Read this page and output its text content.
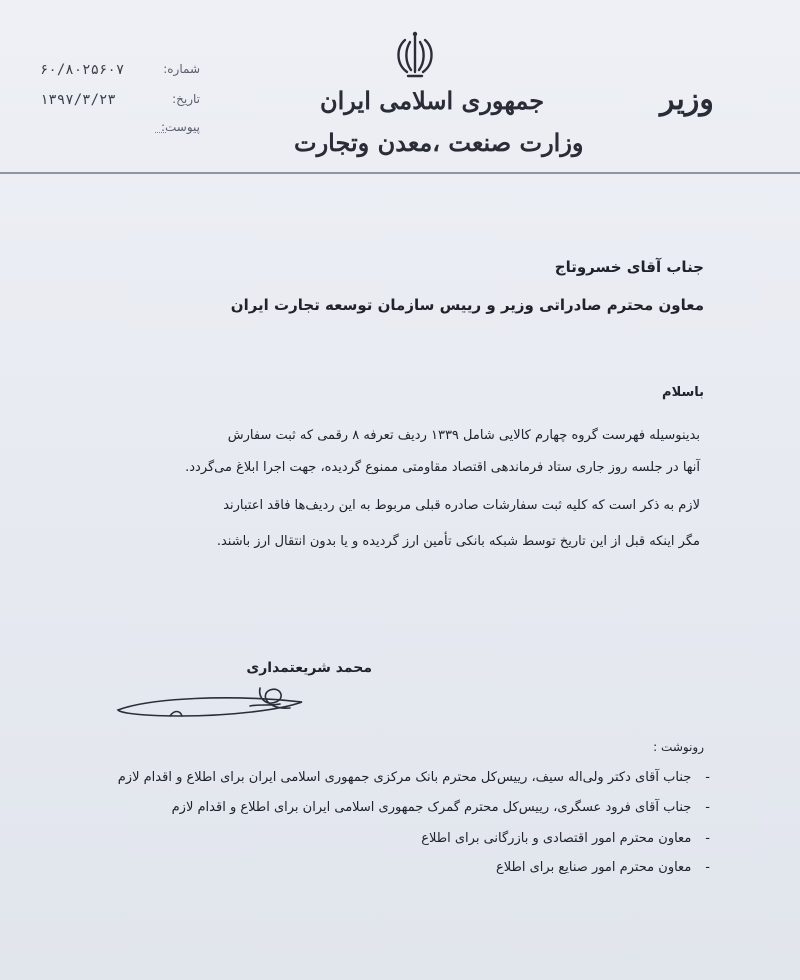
وزیر
جمهوری اسلامی ایران
وزارت صنعت ،معدن وتجارت
شماره:
۶۰/۸۰۲۵۶۰۷
تاریخ:
۱۳۹۷/۳/۲۳
پیوست:
جناب آقای خسروتاج
معاون محترم صادراتی وزیر و رییس سازمان توسعه تجارت ایران
باسلام
بدینوسیله فهرست گروه چهارم کالایی شامل ۱۳۳۹ ردیف تعرفه ۸ رقمی که ثبت سفارش
آنها در جلسه روز جاری ستاد فرماندهی اقتصاد مقاومتی ممنوع گردیده، جهت اجرا ابلاغ می‌گردد.
لازم به ذکر است که کلیه ثبت سفارشات صادره قبلی مربوط به این ردیف‌ها فاقد اعتبارند
مگر اینکه قبل از این تاریخ توسط شبکه بانکی تأمین ارز گردیده و یا بدون انتقال ارز باشند.
محمد شریعتمداری
رونوشت :
-جناب آقای دکتر ولی‌اله سیف، رییس‌کل محترم بانک مرکزی جمهوری اسلامی ایران برای اطلاع و اقدام لازم
-جناب آقای فرود عسگری، رییس‌کل محترم گمرک جمهوری اسلامی ایران برای اطلاع و اقدام لازم
-معاون محترم امور اقتصادی و بازرگانی برای اطلاع
-معاون محترم امور صنایع برای اطلاع
